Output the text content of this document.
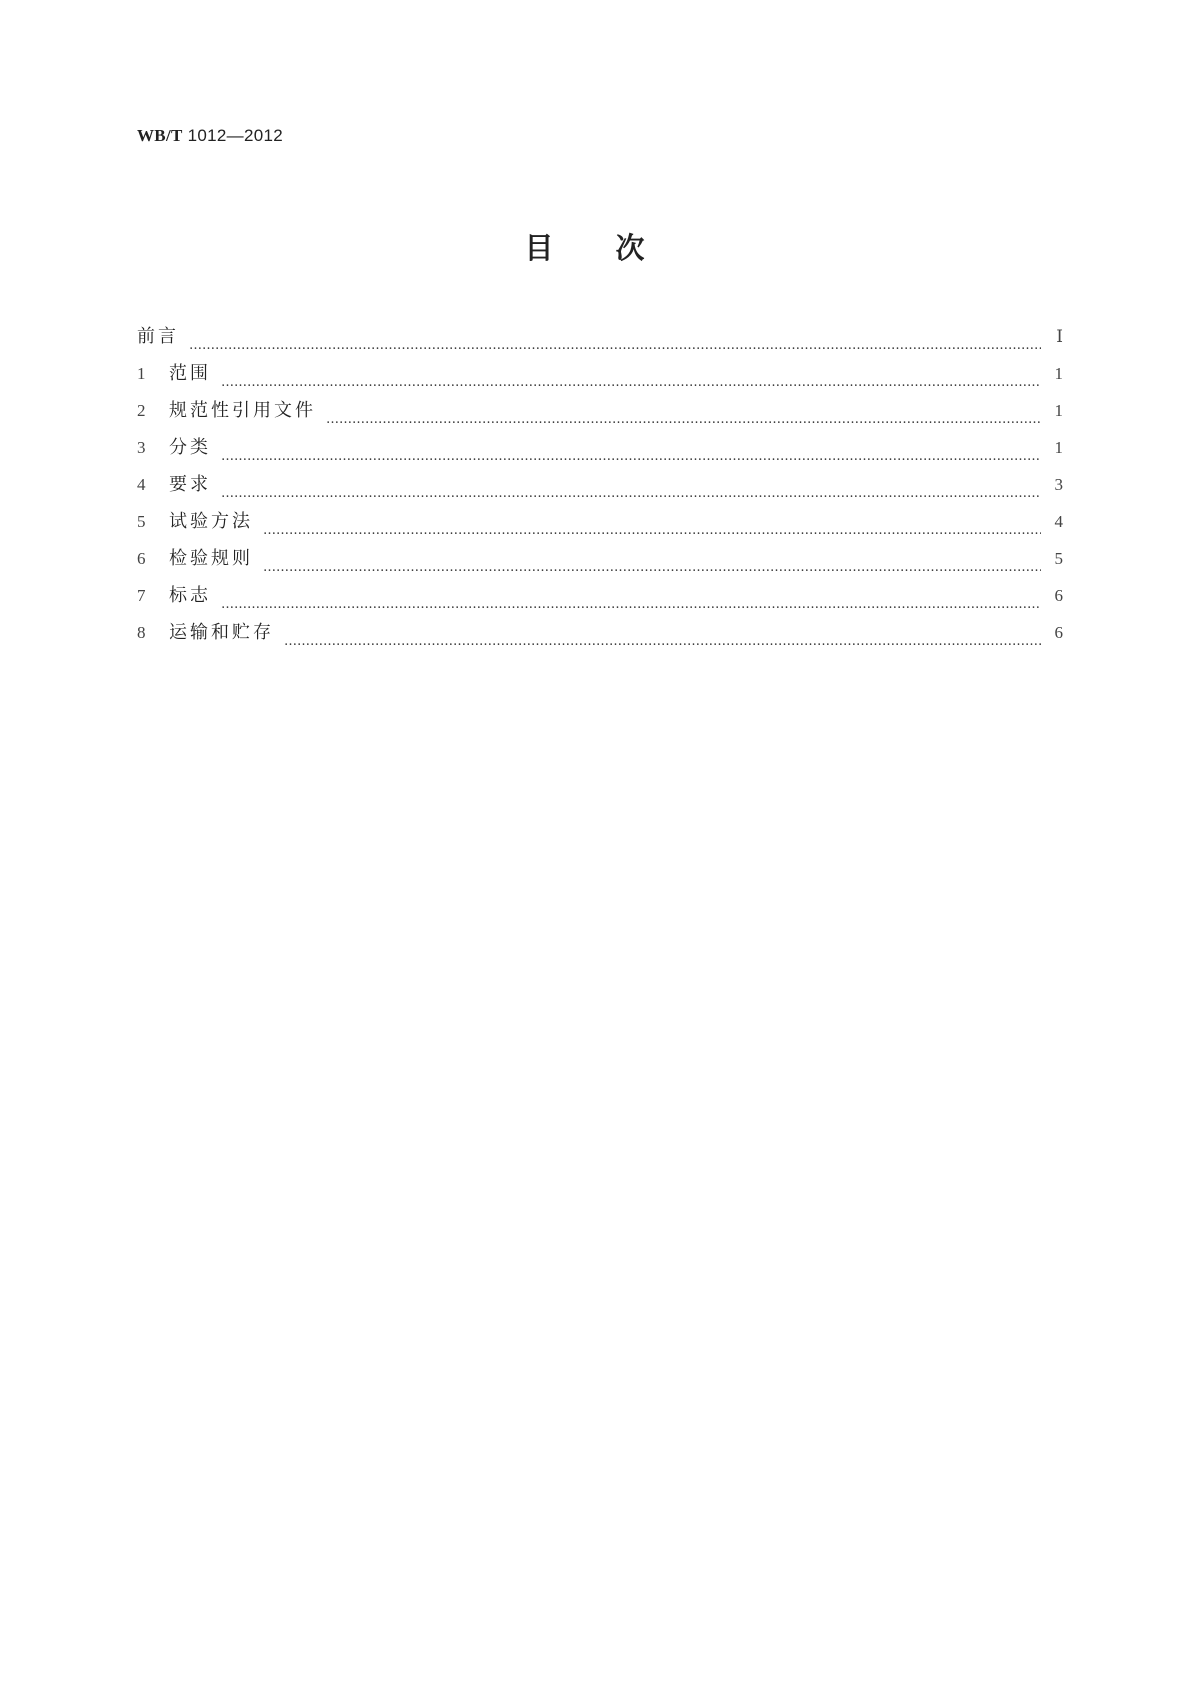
WB/T 1012—2012
目次
前言 ……………………………………………………………………………………………………………………………………………………………………………………………………………………………………………………………………………………	Ⅰ
1	范围 ……………………………………………………………………………………………………………………………………………………………………………………………………………………………………………………………………………………	1
2	规范性引用文件 ……………………………………………………………………………………………………………………………………………………………………………………………………………………………………………………………………………………	1
3	分类 ……………………………………………………………………………………………………………………………………………………………………………………………………………………………………………………………………………………	1
4	要求 ……………………………………………………………………………………………………………………………………………………………………………………………………………………………………………………………………………………	3
5	试验方法 ……………………………………………………………………………………………………………………………………………………………………………………………………………………………………………………………………………………	4
6	检验规则 ……………………………………………………………………………………………………………………………………………………………………………………………………………………………………………………………………………………	5
7	标志 ……………………………………………………………………………………………………………………………………………………………………………………………………………………………………………………………………………………	6
8	运输和贮存 ……………………………………………………………………………………………………………………………………………………………………………………………………………………………………………………………………………………	6
